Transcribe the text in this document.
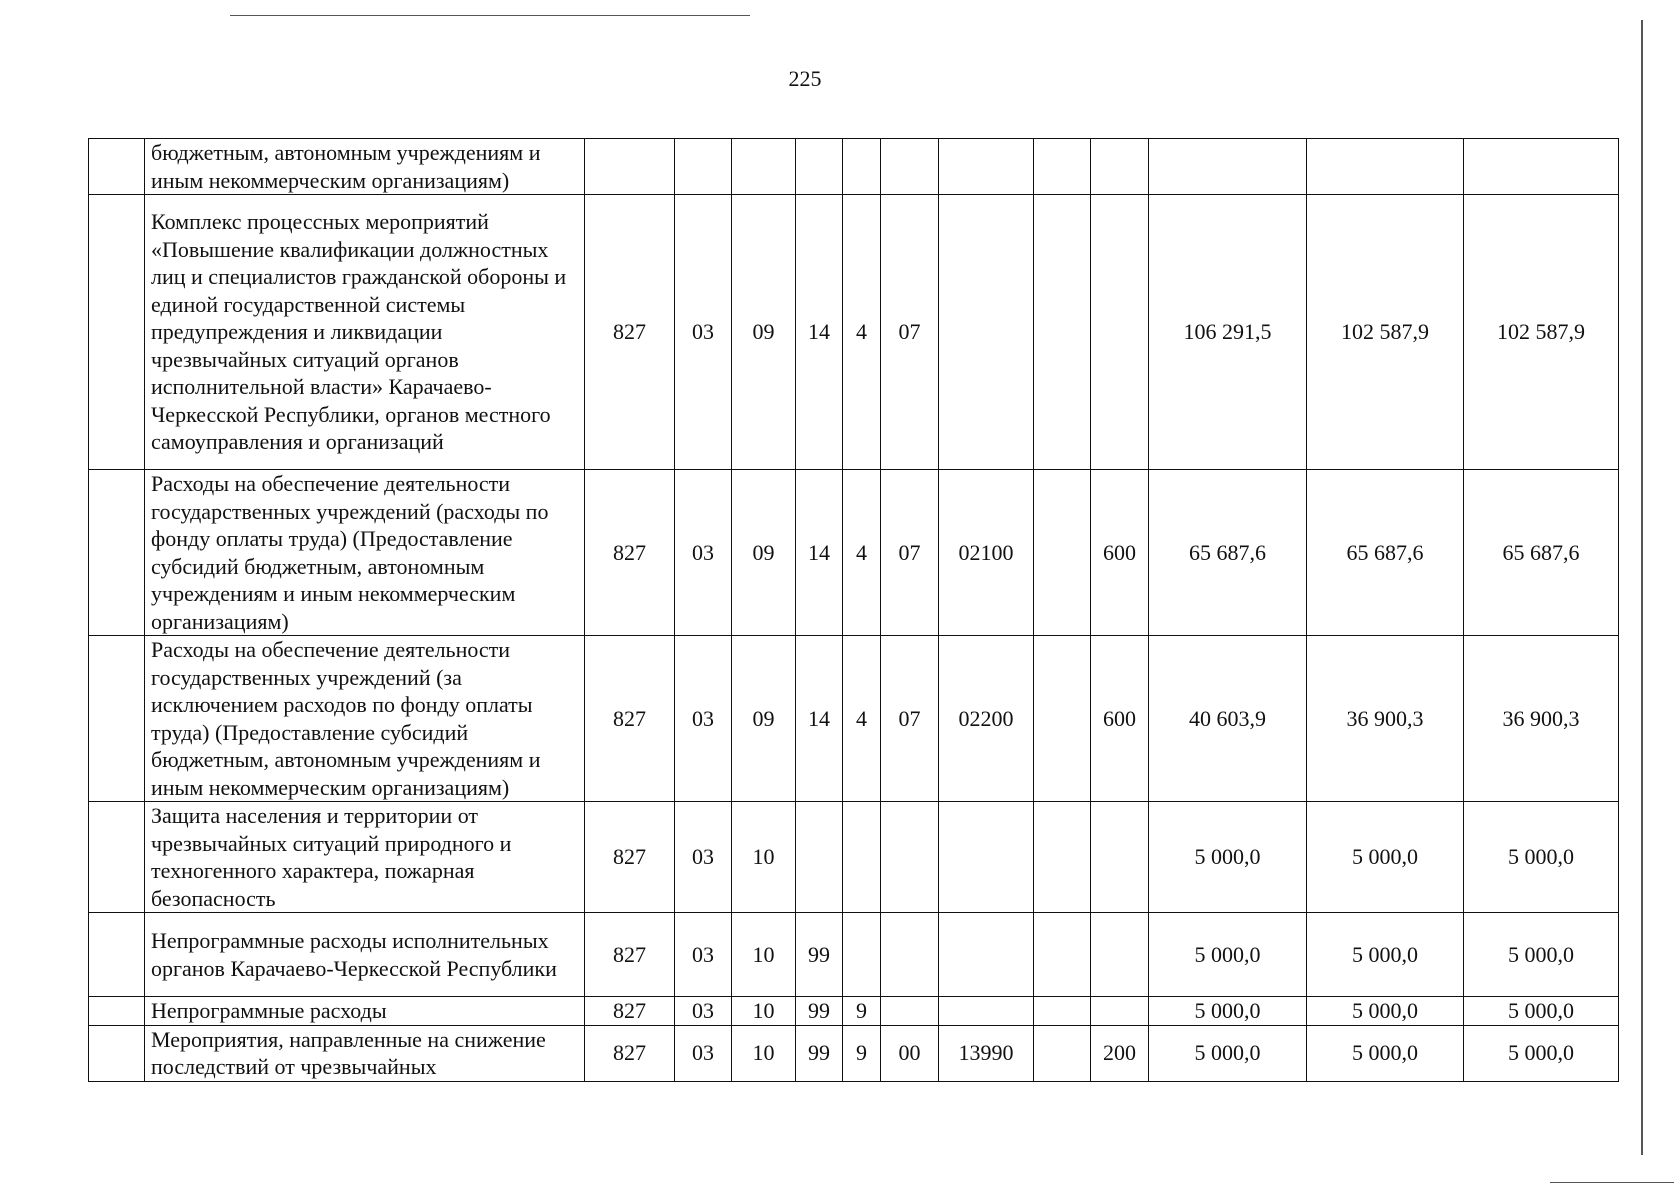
225
	бюджетным, автономным учреждениям и иным некоммерческим организациям)												
	Комплекс процессных мероприятий «Повышение квалификации должностных лиц и специалистов гражданской обороны и единой государственной системы предупреждения и ликвидации чрезвычайных ситуаций органов исполнительной власти» Карачаево-Черкесской Республики, органов местного самоуправления и организаций	827	03	09	14	4	07				106 291,5	102 587,9	102 587,9
	Расходы на обеспечение деятельности государственных учреждений (расходы по фонду оплаты труда) (Предоставление субсидий бюджетным, автономным учреждениям и иным некоммерческим организациям)	827	03	09	14	4	07	02100		600	65 687,6	65 687,6	65 687,6
	Расходы на обеспечение деятельности государственных учреждений (за исключением расходов по фонду оплаты труда) (Предоставление субсидий бюджетным, автономным учреждениям и иным некоммерческим организациям)	827	03	09	14	4	07	02200		600	40 603,9	36 900,3	36 900,3
	Защита населения и территории от чрезвычайных ситуаций природного и техногенного характера, пожарная безопасность	827	03	10							5 000,0	5 000,0	5 000,0
	Непрограммные расходы исполнительных органов Карачаево-Черкесской Республики	827	03	10	99						5 000,0	5 000,0	5 000,0
	Непрограммные расходы	827	03	10	99	9					5 000,0	5 000,0	5 000,0
	Мероприятия, направленные на снижение последствий от чрезвычайных	827	03	10	99	9	00	13990		200	5 000,0	5 000,0	5 000,0
